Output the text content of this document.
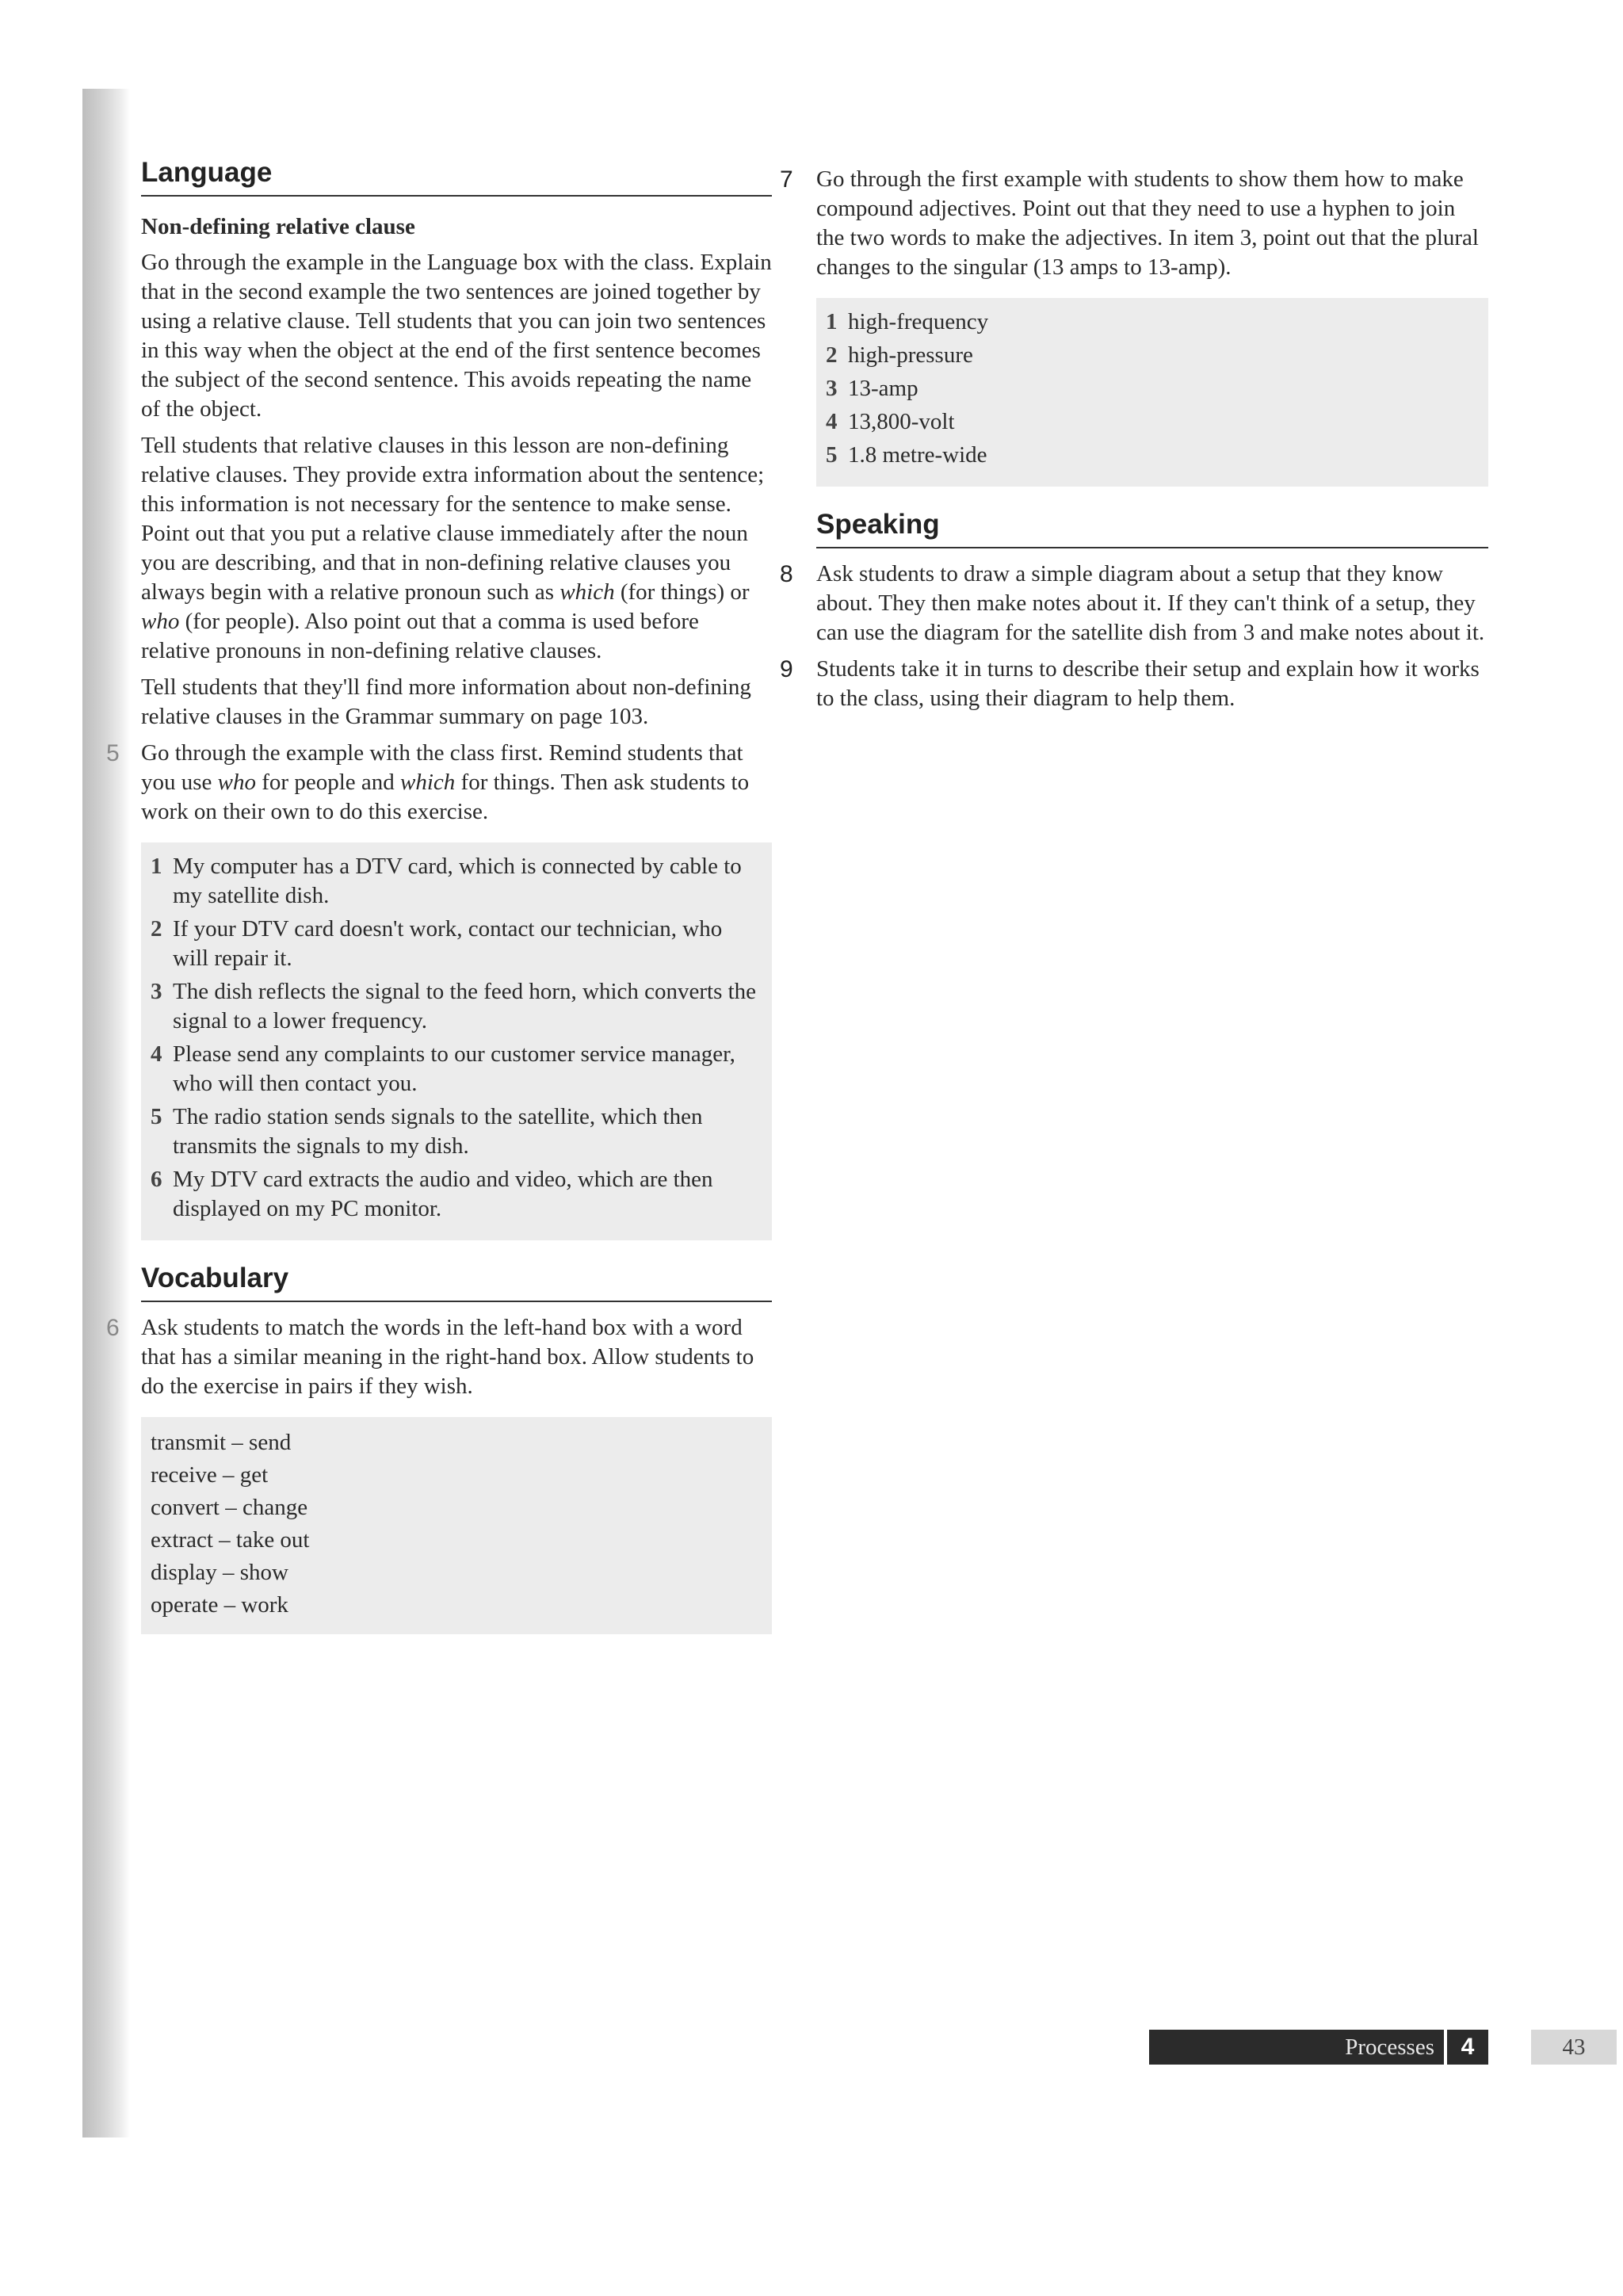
Language
Non-defining relative clause

Go through the example in the Language box with the class. Explain that in the second example the two sentences are joined together by using a relative clause. Tell students that you can join two sentences in this way when the object at the end of the first sentence becomes the subject of the second sentence. This avoids repeating the name of the object.

Tell students that relative clauses in this lesson are non-defining relative clauses. They provide extra information about the sentence; this information is not necessary for the sentence to make sense. Point out that you put a relative clause immediately after the noun you are describing, and that in non-defining relative clauses you always begin with a relative pronoun such as which (for things) or who (for people). Also point out that a comma is used before relative pronouns in non-defining relative clauses.

Tell students that they'll find more information about non-defining relative clauses in the Grammar summary on page 103.

5 Go through the example with the class first. Remind students that you use who for people and which for things. Then ask students to work on their own to do this exercise.

1 My computer has a DTV card, which is connected by cable to my satellite dish.
2 If your DTV card doesn't work, contact our technician, who will repair it.
3 The dish reflects the signal to the feed horn, which converts the signal to a lower frequency.
4 Please send any complaints to our customer service manager, who will then contact you.
5 The radio station sends signals to the satellite, which then transmits the signals to my dish.
6 My DTV card extracts the audio and video, which are then displayed on my PC monitor.
Vocabulary

6 Ask students to match the words in the left-hand box with a word that has a similar meaning in the right-hand box. Allow students to do the exercise in pairs if they wish.

transmit – send
receive – get
convert – change
extract – take out
display – show
operate – work

7 Go through the first example with students to show them how to make compound adjectives. Point out that they need to use a hyphen to join the two words to make the adjectives. In item 3, point out that the plural changes to the singular (13 amps to 13-amp).

1 high-frequency
2 high-pressure
3 13-amp
4 13,800-volt
5 1.8 metre-wide
Speaking

8 Ask students to draw a simple diagram about a setup that they know about. They then make notes about it. If they can't think of a setup, they can use the diagram for the satellite dish from 3 and make notes about it.

9 Students take it in turns to describe their setup and explain how it works to the class, using their diagram to help them.

Processes	4	43
